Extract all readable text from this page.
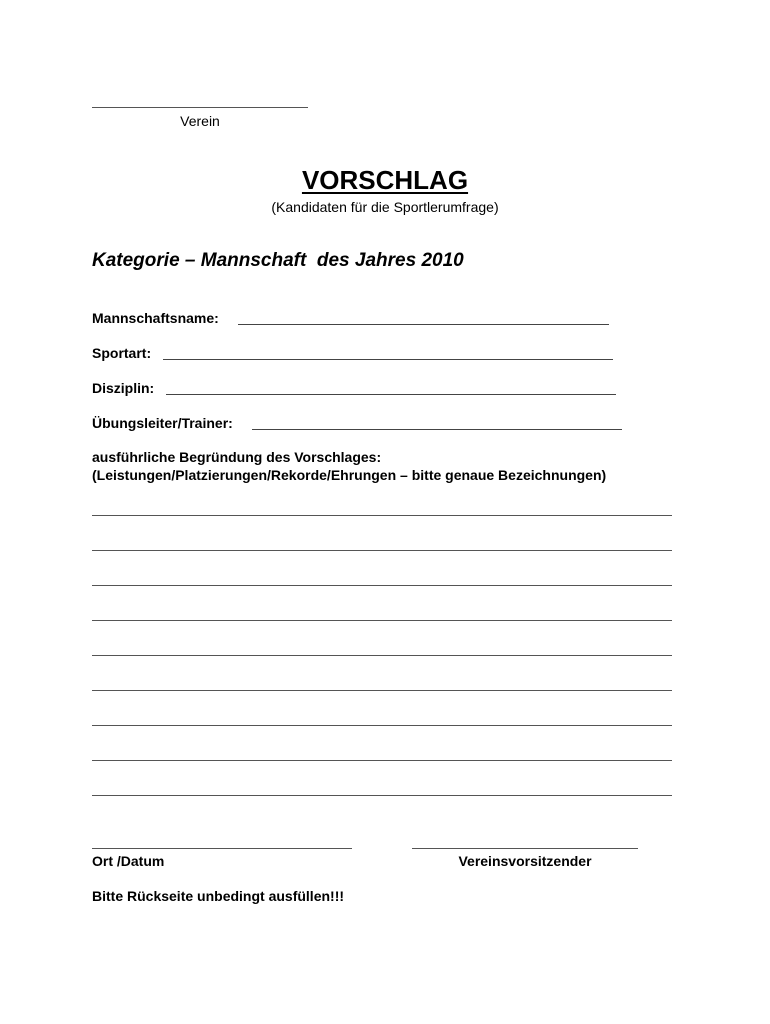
Verein
VORSCHLAG
(Kandidaten für die Sportlerumfrage)
Kategorie – Mannschaft  des Jahres 2010
Mannschaftsname:
Sportart:
Disziplin:
Übungsleiter/Trainer:
ausführliche Begründung des Vorschlages:
(Leistungen/Platzierungen/Rekorde/Ehrungen – bitte genaue Bezeichnungen)
Ort /Datum	Vereinsvorsitzender
Bitte Rückseite unbedingt ausfüllen!!!
